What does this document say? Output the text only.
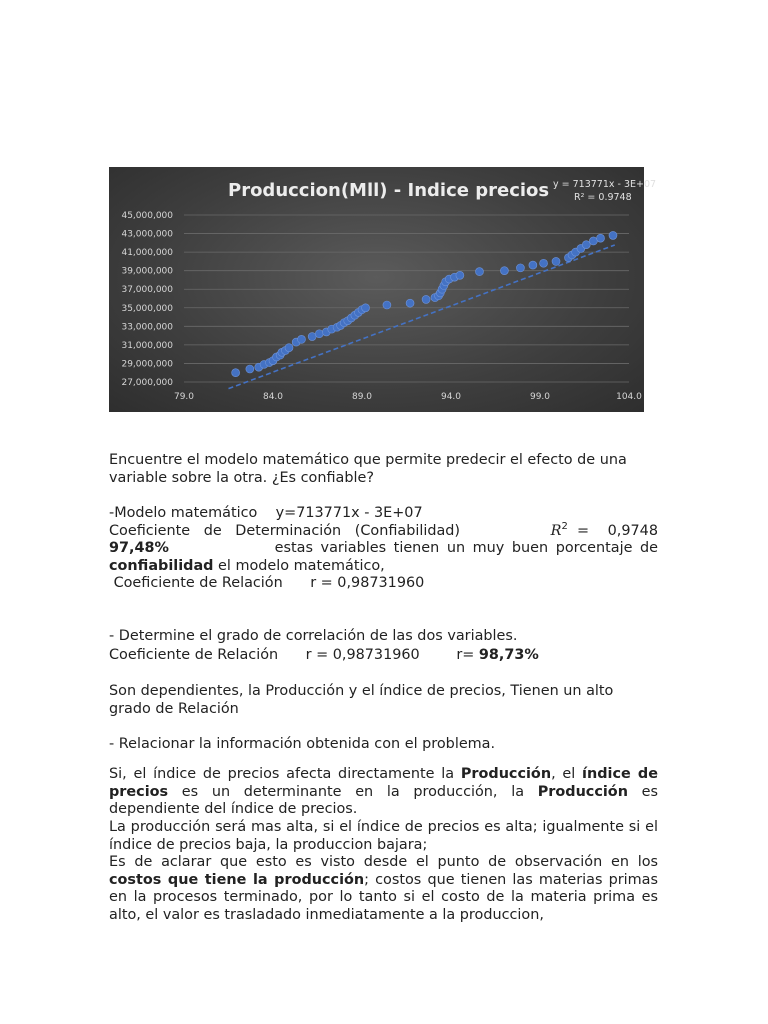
27,000,000
29,000,000
31,000,000
33,000,000
35,000,000
37,000,000
39,000,000
41,000,000
43,000,000
45,000,000
79.0	84.0	89.0	94.0	99.0	104.0
Produccion(Mll) - Indice precios y = 713771x - 3E+07
R² = 0.9748

Encuentre el modelo matemático que permite predecir el efecto de una variable sobre la otra. ¿Es confiable?

-Modelo matemático y=713771x - 3E+07
Coeficiente de Determinación (Confiabilidad)	$R^2 = 0,9748$
97,48%	estas variables tienen un muy buen porcentaje de
confiabilidad el modelo matemático,
Coeficiente de Relación r = 0,98731960

- Determine el grado de correlación de las dos variables.

Coeficiente de Relación r = 0,98731960	r= 98,73%

Son dependientes, la Producción y el índice de precios, Tienen un alto grado de Relación

- Relacionar la información obtenida con el problema.

Si, el índice de precios afecta directamente la Producción, el índice de precios es un determinante en la producción, la Producción es dependiente del índice de precios.

La producción será mas alta, si el índice de precios es alta; igualmente si el índice de precios baja, la produccion bajara;

Es de aclarar que esto es visto desde el punto de observación en los costos que tiene la producción; costos que tienen las materias primas en la procesos terminado, por lo tanto si el costo de la materia prima es alto, el valor es trasladado inmediatamente a la produccion,
